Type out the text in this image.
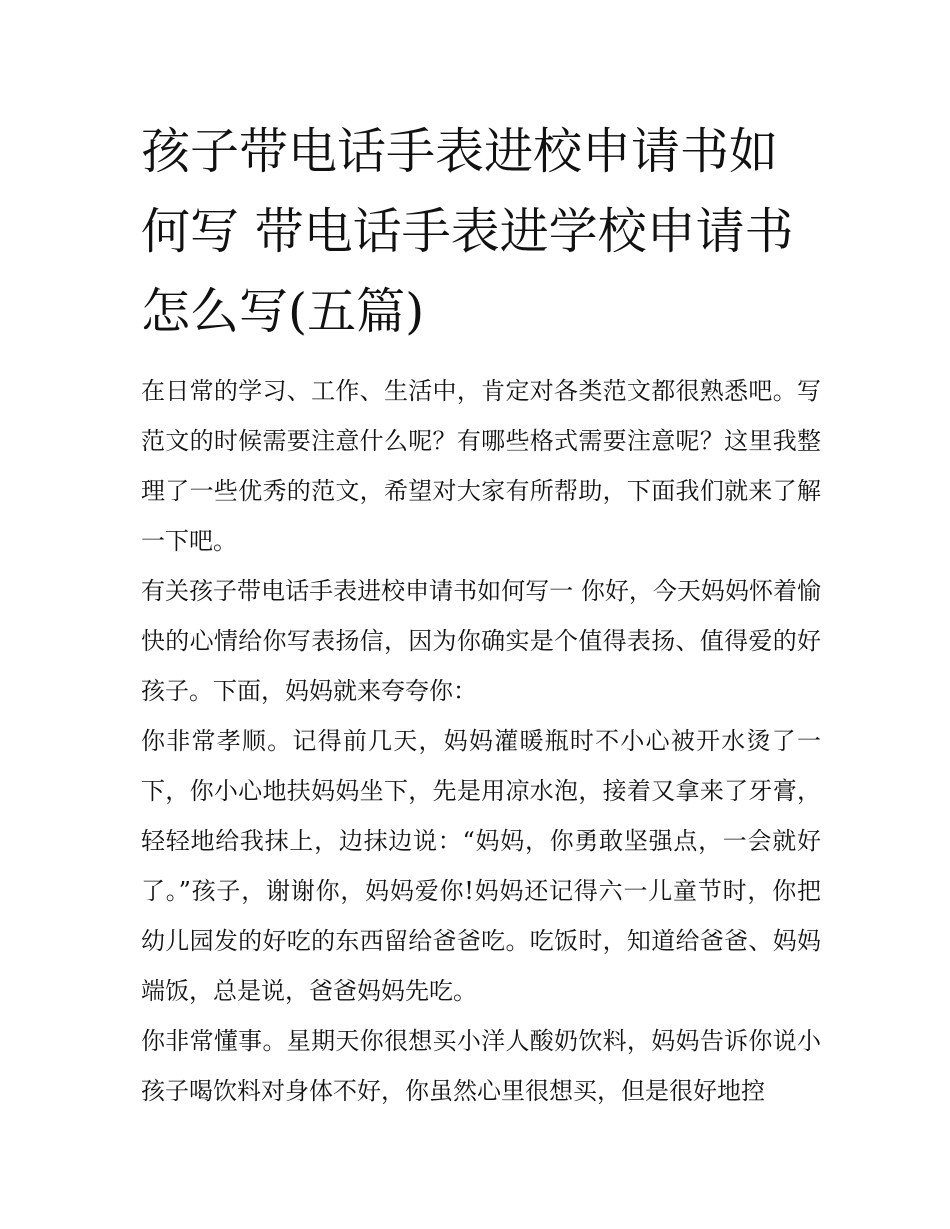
孩子带电话手表进校申请书如何写 带电话手表进学校申请书怎么写(五篇)

在日常的学习、工作、生活中，肯定对各类范文都很熟悉吧。写范文的时候需要注意什么呢？有哪些格式需要注意呢？这里我整理了一些优秀的范文，希望对大家有所帮助，下面我们就来了解一下吧。

有关孩子带电话手表进校申请书如何写一 你好，今天妈妈怀着愉快的心情给你写表扬信，因为你确实是个值得表扬、值得爱的好孩子。下面，妈妈就来夸夸你：

你非常孝顺。记得前几天，妈妈灌暖瓶时不小心被开水烫了一下，你小心地扶妈妈坐下，先是用凉水泡，接着又拿来了牙膏，轻轻地给我抹上，边抹边说：“妈妈，你勇敢坚强点，一会就好了。”孩子，谢谢你，妈妈爱你!妈妈还记得六一儿童节时，你把幼儿园发的好吃的东西留给爸爸吃。吃饭时，知道给爸爸、妈妈端饭，总是说，爸爸妈妈先吃。

你非常懂事。星期天你很想买小洋人酸奶饮料，妈妈告诉你说小孩子喝饮料对身体不好，你虽然心里很想买，但是很好地控
